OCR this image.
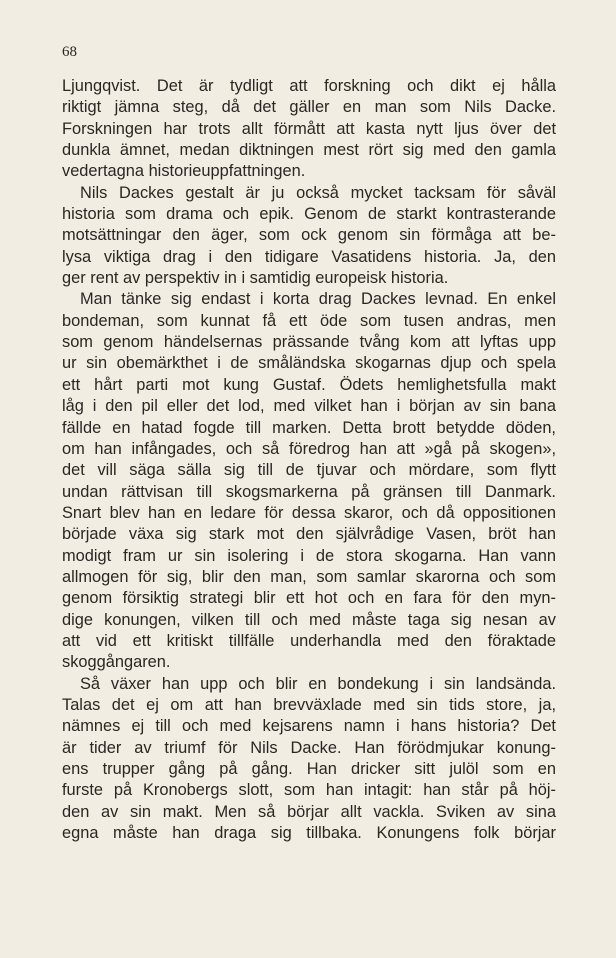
68
Ljungqvist. Det är tydligt att forskning och dikt ej hålla
riktigt jämna steg, då det gäller en man som Nils Dacke.
Forskningen har trots allt förmått att kasta nytt ljus över det
dunkla ämnet, medan diktningen mest rört sig med den gamla
vedertagna historieuppfattningen.
Nils Dackes gestalt är ju också mycket tacksam för såväl
historia som drama och epik. Genom de starkt kontrasterande
motsättningar den äger, som ock genom sin förmåga att be-
lysa viktiga drag i den tidigare Vasatidens historia. Ja, den
ger rent av perspektiv in i samtidig europeisk historia.
Man tänke sig endast i korta drag Dackes levnad. En enkel
bondeman, som kunnat få ett öde som tusen andras, men
som genom händelsernas prässande tvång kom att lyftas upp
ur sin obemärkthet i de småländska skogarnas djup och spela
ett hårt parti mot kung Gustaf. Ödets hemlighetsfulla makt
låg i den pil eller det lod, med vilket han i början av sin bana
fällde en hatad fogde till marken. Detta brott betydde döden,
om han infångades, och så föredrog han att »gå på skogen»,
det vill säga sälla sig till de tjuvar och mördare, som flytt
undan rättvisan till skogsmarkerna på gränsen till Danmark.
Snart blev han en ledare för dessa skaror, och då oppositionen
började växa sig stark mot den självrådige Vasen, bröt han
modigt fram ur sin isolering i de stora skogarna. Han vann
allmogen för sig, blir den man, som samlar skarorna och som
genom försiktig strategi blir ett hot och en fara för den myn-
dige konungen, vilken till och med måste taga sig nesan av
att vid ett kritiskt tillfälle underhandla med den föraktade
skoggångaren.
Så växer han upp och blir en bondekung i sin landsända.
Talas det ej om att han brevväxlade med sin tids store, ja,
nämnes ej till och med kejsarens namn i hans historia? Det
är tider av triumf för Nils Dacke. Han förödmjukar konung-
ens trupper gång på gång. Han dricker sitt julöl som en
furste på Kronobergs slott, som han intagit: han står på höj-
den av sin makt. Men så börjar allt vackla. Sviken av sina
egna måste han draga sig tillbaka. Konungens folk börjar
